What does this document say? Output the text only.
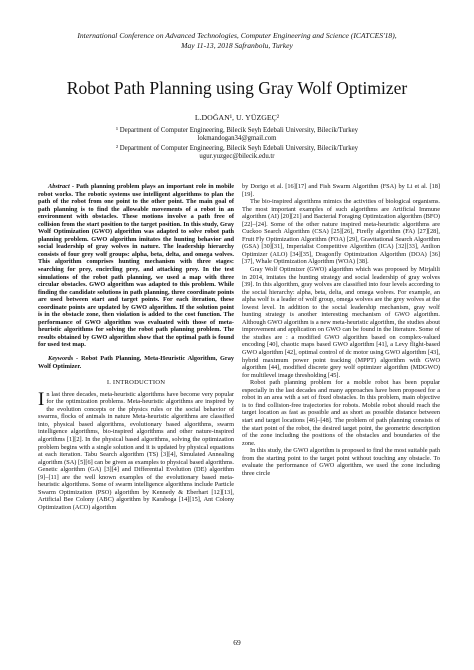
International Conference on Advanced Technologies, Computer Engineering and Science (ICATCES'18),
May 11-13, 2018 Safranbolu, Turkey
Robot Path Planning using Gray Wolf Optimizer
L.DOĞAN¹, U. YÜZGEÇ²
¹ Department of Computer Engineering, Bilecik Seyh Edebali University, Bilecik/Turkey
lokmandogan34@gmail.com
² Department of Computer Engineering, Bilecik Seyh Edebali University, Bilecik/Turkey
ugur.yuzgec@bilecik.edu.tr

Abstract - Path planning problem plays an important role in mobile robot works. The robotic systems use intelligent algorithms to plan the path of the robot from one point to the other point. The main goal of path planning is to find the allowable movements of a robot in an environment with obstacles. These motions involve a path free of collision from the start position to the target position. In this study, Gray Wolf Optimization (GWO) algorithm was adapted to solve robot path planning problem. GWO algorithm imitates the hunting behavior and social leadership of gray wolves in nature. The leadership hierarchy consists of four grey wolf groups: alpha, beta, delta, and omega wolves. This algorithm comprises hunting mechanism with three stages: searching for prey, encircling prey, and attacking prey. In the test simulations of the robot path planning, we used a map with three circular obstacles. GWO algorithm was adapted to this problem. While finding the candidate solutions in path planning, three coordinate points are used between start and target points. For each iteration, these coordinate points are updated by GWO algorithm. If the solution point is in the obstacle zone, then violation is added to the cost function. The performance of GWO algorithm was evaluated with those of meta-heuristic algorithms for solving the robot path planning problem. The results obtained by GWO algorithm show that the optimal path is found for used test map.

Keywords - Robot Path Planning, Meta-Heuristic Algorithm, Gray Wolf Optimizer.

I. INTRODUCTION

In last three decades, meta-heuristic algorithms have become very popular for the optimization problems. Meta-heuristic algorithms are inspired by the evolution concepts or the physics rules or the social behavior of swarms, flocks of animals in nature Meta-heuristic algorithms are classified into, physical based algorithms, evolutionary based algorithms, swarm intelligence algorithms, bio-inspired algorithms and other nature-inspired algorithms [1][2]. In the physical based algorithms, solving the optimization problem begins with a single solution and it is updated by physical equations at each iteration. Tabu Search algorithm (TS) [3][4], Simulated Annealing algorithm (SA) [5][6] can be given as examples to physical based algorithms. Genetic algorithm (GA) [3][4] and Differential Evolution (DE) algorithm [9]–[11] are the well known examples of the evolutionary based meta-heuristic algorithms. Some of swarm intelligence algorithms include Particle Swarm Optimization (PSO) algorithm by Kennedy & Eberhart [12][13], Artificial Bee Colony (ABC) algorithm by Karaboga [14][15], Ant Colony Optimization (ACO) algorithm

by Dorigo et al. [16][17] and Fish Swarm Algorithm (FSA) by Li et al. [18][19].

The bio-inspired algorithms mimics the activities of biological organisms. The most important examples of such algorithms are Artificial Immune algorithm (AI) [20][21] and Bacterial Foraging Optimization algorithm (BFO) [22]–[24]. Some of the other nature inspired meta-heuristic algorithms are Cuckoo Search Algorithm (CSA) [25][26], Firefly algorithm (FA) [27][28], Fruit Fly Optimization Algorithm (FOA) [29], Gravitational Search Algorithm (GSA) [30][31], Imperialist Competitive Algorithm (ICA) [32][33], Antlion Optimizer (ALO) [34][35], Dragonfly Optimization Algorithm (DOA) [36][37], Whale Optimization Algorithm (WOA) [38].

Gray Wolf Optimizer (GWO) algorithm which was proposed by Mirjalili in 2014, imitates the hunting strategy and social leadership of gray wolves [39]. In this algorithm, gray wolves are classified into four levels according to the social hierarchy: alpha, beta, delta, and omega wolves. For example, an alpha wolf is a leader of wolf group, omega wolves are the grey wolves at the lowest level. In addition to the social leadership mechanism, gray wolf hunting strategy is another interesting mechanism of GWO algorithm. Although GWO algorithm is a new meta-heuristic algorithm, the studies about improvement and application on GWO can be found in the literature. Some of the studies are : a modified GWO algorithm based on complex-valued encoding [40], chaotic maps based GWO algorithm [41], a Levy flight-based GWO algorithm [42], optimal control of dc motor using GWO algorithm [43], hybrid maximum power point tracking (MPPT) algorithm with GWO algorithm [44], modified discrete grey wolf optimizer algorithm (MDGWO) for multilevel image thresholding [45].

Robot path planning problem for a mobile robot has been popular especially in the last decades and many approaches have been proposed for a robot in an area with a set of fixed obstacles. In this problem, main objective is to find collision-free trajectories for robots. Mobile robot should reach the target location as fast as possible and as short as possible distance between start and target locations [46]–[48]. The problem of path planning consists of the start point of the robot, the desired target point, the geometric description of the zone including the positions of the obstacles and boundaries of the zone.

In this study, the GWO algorithm is proposed to find the most suitable path from the starting point to the target point without touching any obstacle. To evaluate the performance of GWO algorithm, we used the zone including three circle

69
